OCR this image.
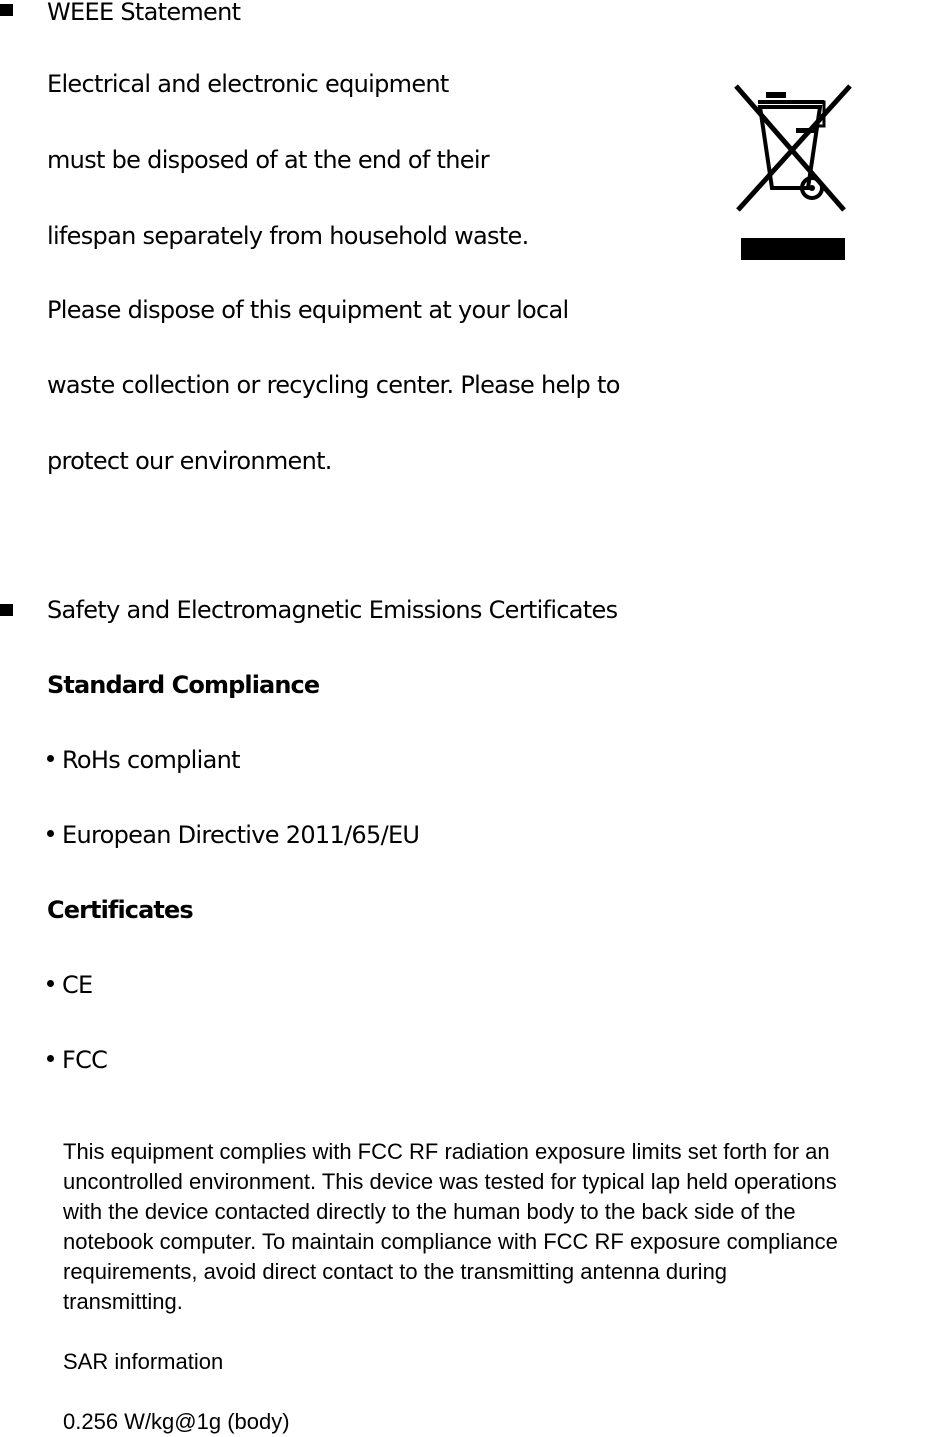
WEEE Statement
Electrical and electronic equipment
must be disposed of at the end of their
lifespan separately from household waste.
Please dispose of this equipment at your local
waste collection or recycling center. Please help to
protect our environment.
Safety and Electromagnetic Emissions Certificates
Standard Compliance
RoHs compliant
European Directive 2011/65/EU
Certificates
CE
FCC
This equipment complies with FCC RF radiation exposure limits set forth for an
uncontrolled environment. This device was tested for typical lap held operations
with the device contacted directly to the human body to the back side of the
notebook computer. To maintain compliance with FCC RF exposure compliance
requirements, avoid direct contact to the transmitting antenna during
transmitting.
SAR information
0.256 W/kg@1g (body)
